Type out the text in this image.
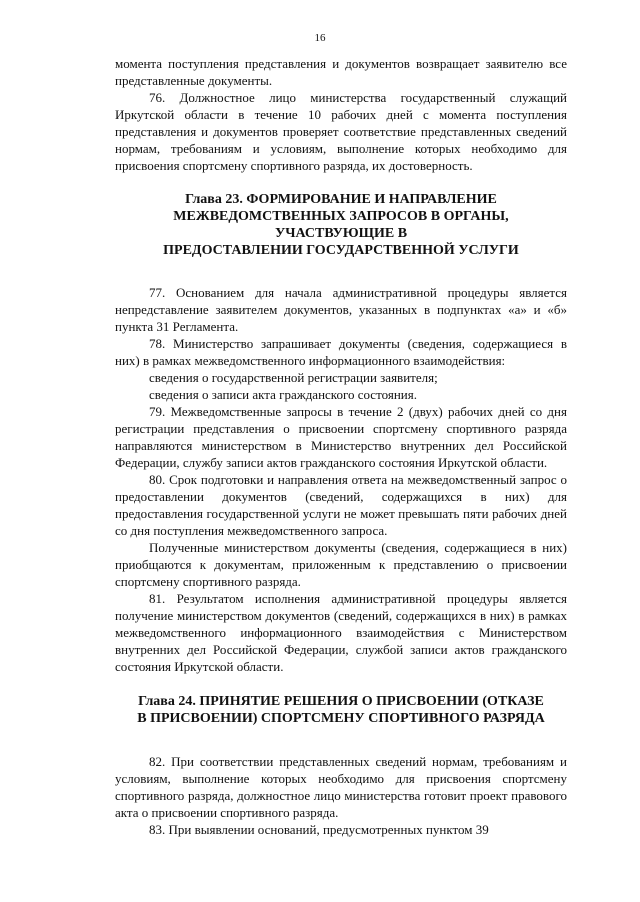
16

момента поступления представления и документов возвращает заявителю все представленные документы.

76. Должностное лицо министерства государственный служащий Иркутской области в течение 10 рабочих дней с момента поступления представления и документов проверяет соответствие представленных сведений нормам, требованиям и условиям, выполнение которых необходимо для присвоения спортсмену спортивного разряда, их достоверность.

Глава 23. ФОРМИРОВАНИЕ И НАПРАВЛЕНИЕ
МЕЖВЕДОМСТВЕННЫХ ЗАПРОСОВ В ОРГАНЫ, УЧАСТВУЮЩИЕ В
ПРЕДОСТАВЛЕНИИ ГОСУДАРСТВЕННОЙ УСЛУГИ

77. Основанием для начала административной процедуры является непредставление заявителем документов, указанных в подпунктах «а» и «б» пункта 31 Регламента.

78. Министерство запрашивает документы (сведения, содержащиеся в них) в рамках межведомственного информационного взаимодействия:

сведения о государственной регистрации заявителя;

сведения о записи акта гражданского состояния.

79. Межведомственные запросы в течение 2 (двух) рабочих дней со дня регистрации представления о присвоении спортсмену спортивного разряда направляются министерством в Министерство внутренних дел Российской Федерации, службу записи актов гражданского состояния Иркутской области.

80. Срок подготовки и направления ответа на межведомственный запрос о предоставлении документов (сведений, содержащихся в них) для предоставления государственной услуги не может превышать пяти рабочих дней со дня поступления межведомственного запроса.

Полученные министерством документы (сведения, содержащиеся в них) приобщаются к документам, приложенным к представлению о присвоении спортсмену спортивного разряда.

81. Результатом исполнения административной процедуры является получение министерством документов (сведений, содержащихся в них) в рамках межведомственного информационного взаимодействия с Министерством внутренних дел Российской Федерации, службой записи актов гражданского состояния Иркутской области.

Глава 24. ПРИНЯТИЕ РЕШЕНИЯ О ПРИСВОЕНИИ (ОТКАЗЕ
В ПРИСВОЕНИИ) СПОРТСМЕНУ СПОРТИВНОГО РАЗРЯДА

82. При соответствии представленных сведений нормам, требованиям и условиям, выполнение которых необходимо для присвоения спортсмену спортивного разряда, должностное лицо министерства готовит проект правового акта о присвоении спортивного разряда.

83. При выявлении оснований, предусмотренных пунктом 39
